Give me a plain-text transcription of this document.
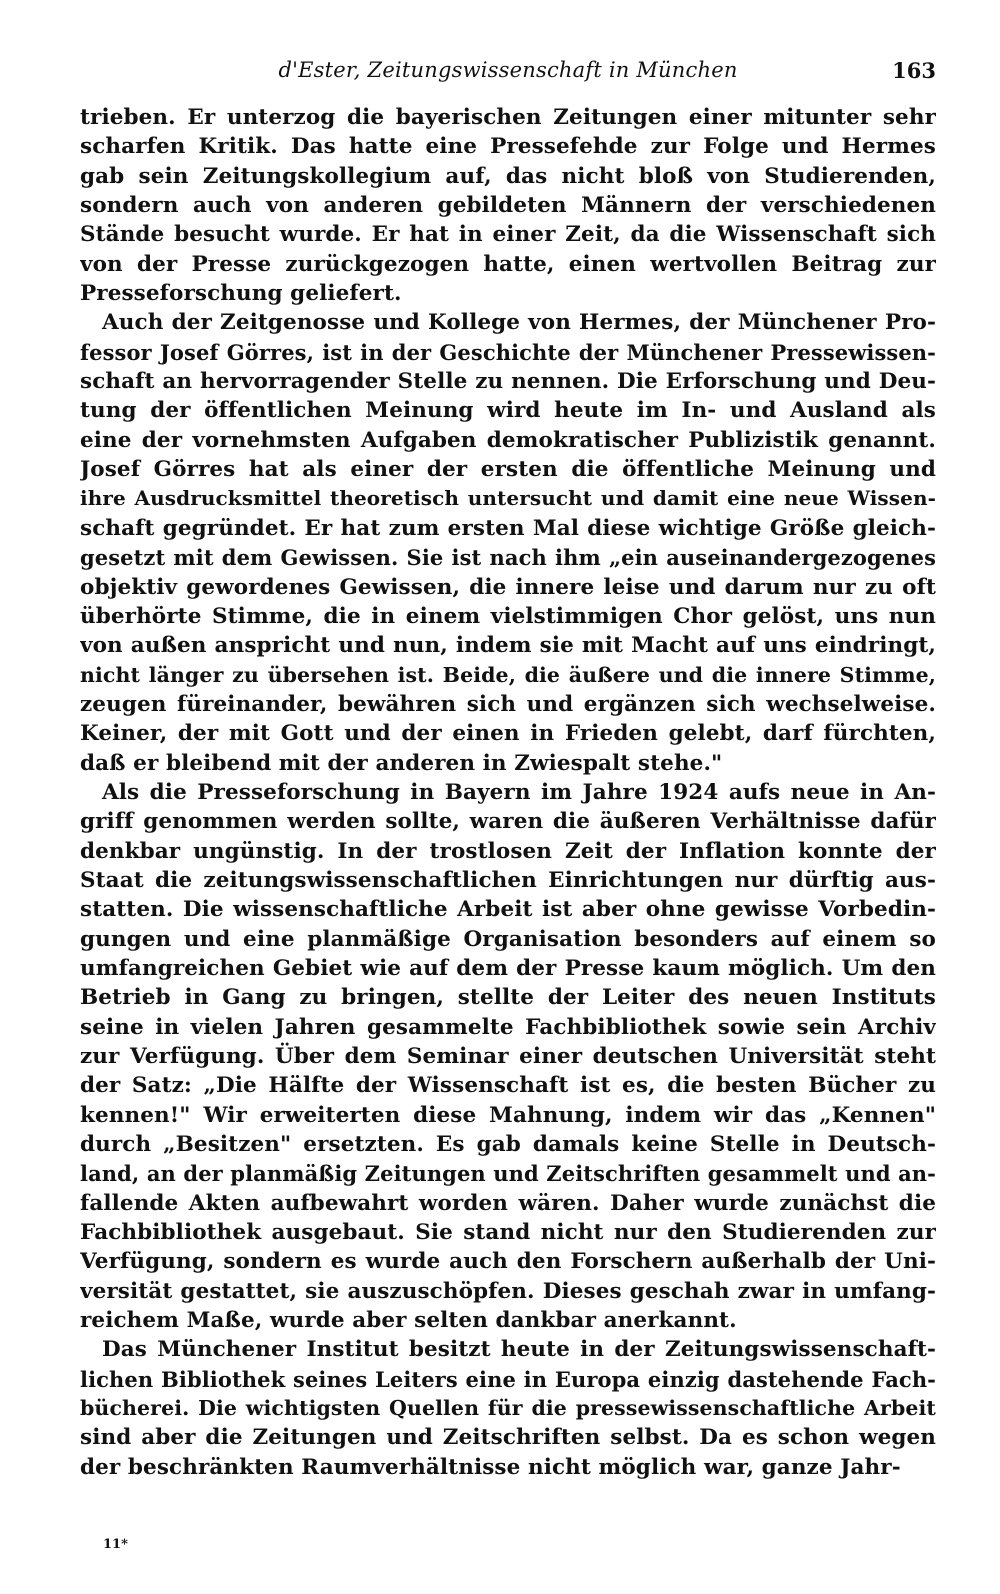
d'Ester, Zeitungswissenschaft in München	163
trieben. Er unterzog die bayerischen Zeitungen einer mitunter sehr
scharfen Kritik. Das hatte eine Pressefehde zur Folge und Hermes
gab sein Zeitungskollegium auf, das nicht bloß von Studierenden,
sondern auch von anderen gebildeten Männern der verschiedenen
Stände besucht wurde. Er hat in einer Zeit, da die Wissenschaft sich
von der Presse zurückgezogen hatte, einen wertvollen Beitrag zur
Presseforschung geliefert.
Auch der Zeitgenosse und Kollege von Hermes, der Münchener Pro-
fessor Josef Görres, ist in der Geschichte der Münchener Pressewissen-
schaft an hervorragender Stelle zu nennen. Die Erforschung und Deu-
tung der öffentlichen Meinung wird heute im In- und Ausland als
eine der vornehmsten Aufgaben demokratischer Publizistik genannt.
Josef Görres hat als einer der ersten die öffentliche Meinung und
ihre Ausdrucksmittel theoretisch untersucht und damit eine neue Wissen-
schaft gegründet. Er hat zum ersten Mal diese wichtige Größe gleich-
gesetzt mit dem Gewissen. Sie ist nach ihm „ein auseinandergezogenes
objektiv gewordenes Gewissen, die innere leise und darum nur zu oft
überhörte Stimme, die in einem vielstimmigen Chor gelöst, uns nun
von außen anspricht und nun, indem sie mit Macht auf uns eindringt,
nicht länger zu übersehen ist. Beide, die äußere und die innere Stimme,
zeugen füreinander, bewähren sich und ergänzen sich wechselweise.
Keiner, der mit Gott und der einen in Frieden gelebt, darf fürchten,
daß er bleibend mit der anderen in Zwiespalt stehe."
Als die Presseforschung in Bayern im Jahre 1924 aufs neue in An-
griff genommen werden sollte, waren die äußeren Verhältnisse dafür
denkbar ungünstig. In der trostlosen Zeit der Inflation konnte der
Staat die zeitungswissenschaftlichen Einrichtungen nur dürftig aus-
statten. Die wissenschaftliche Arbeit ist aber ohne gewisse Vorbedin-
gungen und eine planmäßige Organisation besonders auf einem so
umfangreichen Gebiet wie auf dem der Presse kaum möglich. Um den
Betrieb in Gang zu bringen, stellte der Leiter des neuen Instituts
seine in vielen Jahren gesammelte Fachbibliothek sowie sein Archiv
zur Verfügung. Über dem Seminar einer deutschen Universität steht
der Satz: „Die Hälfte der Wissenschaft ist es, die besten Bücher zu
kennen!" Wir erweiterten diese Mahnung, indem wir das „Kennen"
durch „Besitzen" ersetzten. Es gab damals keine Stelle in Deutsch-
land, an der planmäßig Zeitungen und Zeitschriften gesammelt und an-
fallende Akten aufbewahrt worden wären. Daher wurde zunächst die
Fachbibliothek ausgebaut. Sie stand nicht nur den Studierenden zur
Verfügung, sondern es wurde auch den Forschern außerhalb der Uni-
versität gestattet, sie auszuschöpfen. Dieses geschah zwar in umfang-
reichem Maße, wurde aber selten dankbar anerkannt.
Das Münchener Institut besitzt heute in der Zeitungswissenschaft-
lichen Bibliothek seines Leiters eine in Europa einzig dastehende Fach-
bücherei. Die wichtigsten Quellen für die pressewissenschaftliche Arbeit
sind aber die Zeitungen und Zeitschriften selbst. Da es schon wegen
der beschränkten Raumverhältnisse nicht möglich war, ganze Jahr-
11*
